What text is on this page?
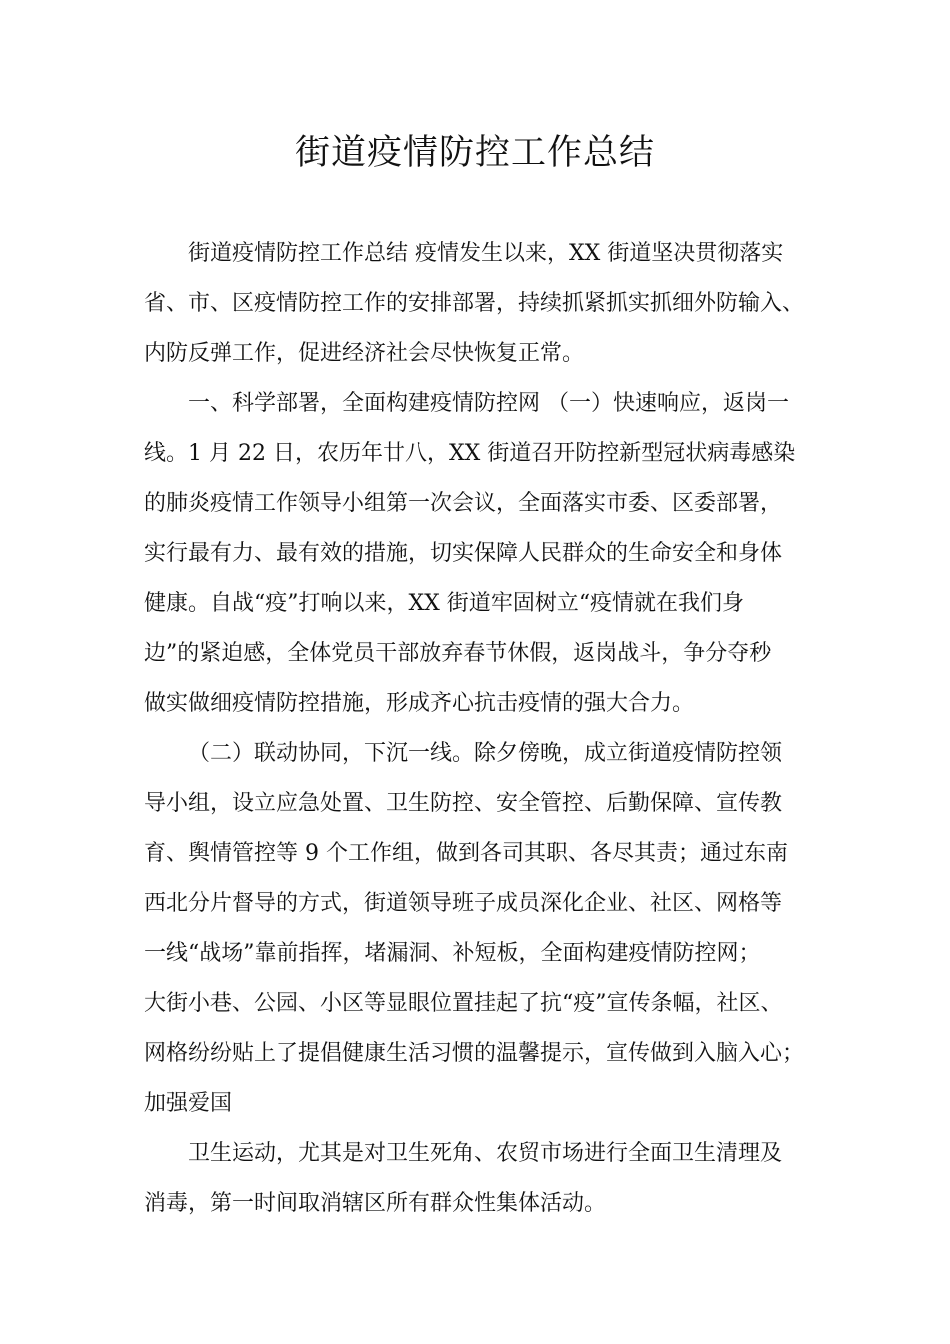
街道疫情防控工作总结
街道疫情防控工作总结 疫情发生以来，XX 街道坚决贯彻落实
省、市、区疫情防控工作的安排部署，持续抓紧抓实抓细外防输入、
内防反弹工作，促进经济社会尽快恢复正常。
一、科学部署，全面构建疫情防控网 （一）快速响应，返岗一
线。1 月 22 日，农历年廿八，XX 街道召开防控新型冠状病毒感染
的肺炎疫情工作领导小组第一次会议，全面落实市委、区委部署，
实行最有力、最有效的措施，切实保障人民群众的生命安全和身体
健康。自战“疫”打响以来，XX 街道牢固树立“疫情就在我们身
边”的紧迫感，全体党员干部放弃春节休假，返岗战斗，争分夺秒
做实做细疫情防控措施，形成齐心抗击疫情的强大合力。
（二）联动协同，下沉一线。除夕傍晚，成立街道疫情防控领
导小组，设立应急处置、卫生防控、安全管控、后勤保障、宣传教
育、舆情管控等 9 个工作组，做到各司其职、各尽其责；通过东南
西北分片督导的方式，街道领导班子成员深化企业、社区、网格等
一线“战场”靠前指挥，堵漏洞、补短板，全面构建疫情防控网；
大街小巷、公园、小区等显眼位置挂起了抗“疫”宣传条幅，社区、
网格纷纷贴上了提倡健康生活习惯的温馨提示，宣传做到入脑入心；
加强爱国
卫生运动，尤其是对卫生死角、农贸市场进行全面卫生清理及
消毒，第一时间取消辖区所有群众性集体活动。
